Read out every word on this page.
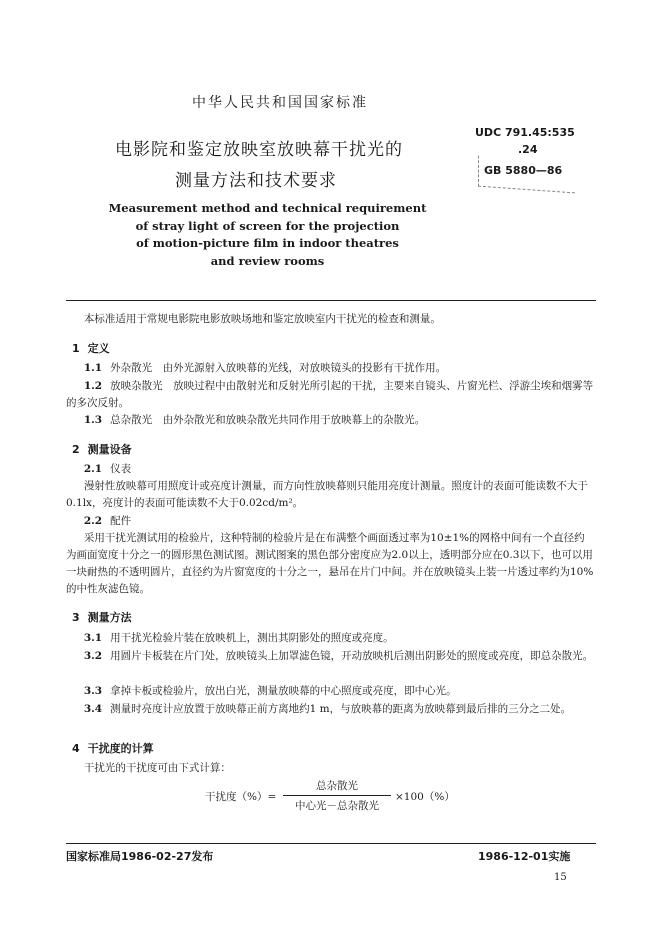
中华人民共和国国家标准
电影院和鉴定放映室放映幕干扰光的
测量方法和技术要求
Measurement method and technical requirement
of stray light of screen for the projection
of motion-picture film in indoor theatres
and review rooms
UDC 791.45:535
.24
GB 5880—86
本标准适用于常规电影院电影放映场地和鉴定放映室内干扰光的检查和测量。
1 定义
1.1 外杂散光　由外光源射入放映幕的光线，对放映镜头的投影有干扰作用。
1.2 放映杂散光　放映过程中由散射光和反射光所引起的干扰，主要来自镜头、片窗光栏、浮游尘埃和烟雾等的多次反射。
1.3 总杂散光　由外杂散光和放映杂散光共同作用于放映幕上的杂散光。
2 测量设备
2.1 仪表
漫射性放映幕可用照度计或亮度计测量，而方向性放映幕则只能用亮度计测量。照度计的表面可能读数不大于0.1lx，亮度计的表面可能读数不大于0.02cd/m²。
2.2 配件
采用干扰光测试用的检验片，这种特制的检验片是在布满整个画面透过率为10±1%的网格中间有一个直径约为画面宽度十分之一的圆形黑色测试图。测试图案的黑色部分密度应为2.0以上，透明部分应在0.3以下，也可以用一块耐热的不透明圆片，直径约为片窗宽度的十分之一，悬吊在片门中间。并在放映镜头上装一片透过率约为10%的中性灰滤色镜。
3 测量方法
3.1 用干扰光检验片装在放映机上，测出其阴影处的照度或亮度。
3.2 用圆片卡板装在片门处，放映镜头上加罩滤色镜，开动放映机后测出阴影处的照度或亮度，即总杂散光。
3.3 拿掉卡板或检验片，放出白光，测量放映幕的中心照度或亮度，即中心光。
3.4 测量时亮度计应放置于放映幕正前方离地约1 m，与放映幕的距离为放映幕到最后排的三分之二处。
4 干扰度的计算
干扰光的干扰度可由下式计算：
干扰度（%）=
总杂散光
中心光－总杂散光
×100（%）
国家标准局1986-02-27发布	1986-12-01实施
15
